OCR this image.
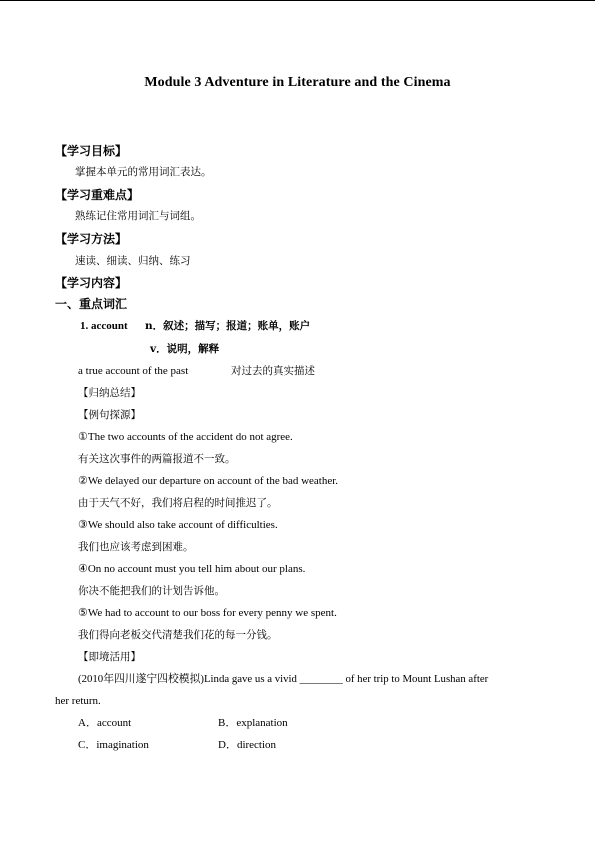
Module 3 Adventure in Literature and the Cinema
【学习目标】
掌握本单元的常用词汇表达。
【学习重难点】
熟练记住常用词汇与词组。
【学习方法】
速读、细读、归纳、练习
【学习内容】
一、重点词汇
1. account n．叙述；描写；报道；账单，账户
v．说明，解释
a true account of the past	对过去的真实描述
【归纳总结】
【例句探源】
①The two accounts of the accident do not agree.
有关这次事件的两篇报道不一致。
②We delayed our departure on account of the bad weather.
由于天气不好，我们将启程的时间推迟了。
③We should also take account of difficulties.
我们也应该考虑到困难。
④On no account must you tell him about our plans.
你决不能把我们的计划告诉他。
⑤We had to account to our boss for every penny we spent.
我们得向老板交代清楚我们花的每一分钱。
【即境活用】
(2010年四川遂宁四校模拟)Linda gave us a vivid ________ of her trip to Mount Lushan after
her return.
A．account	B．explanation
C．imagination	D．direction
